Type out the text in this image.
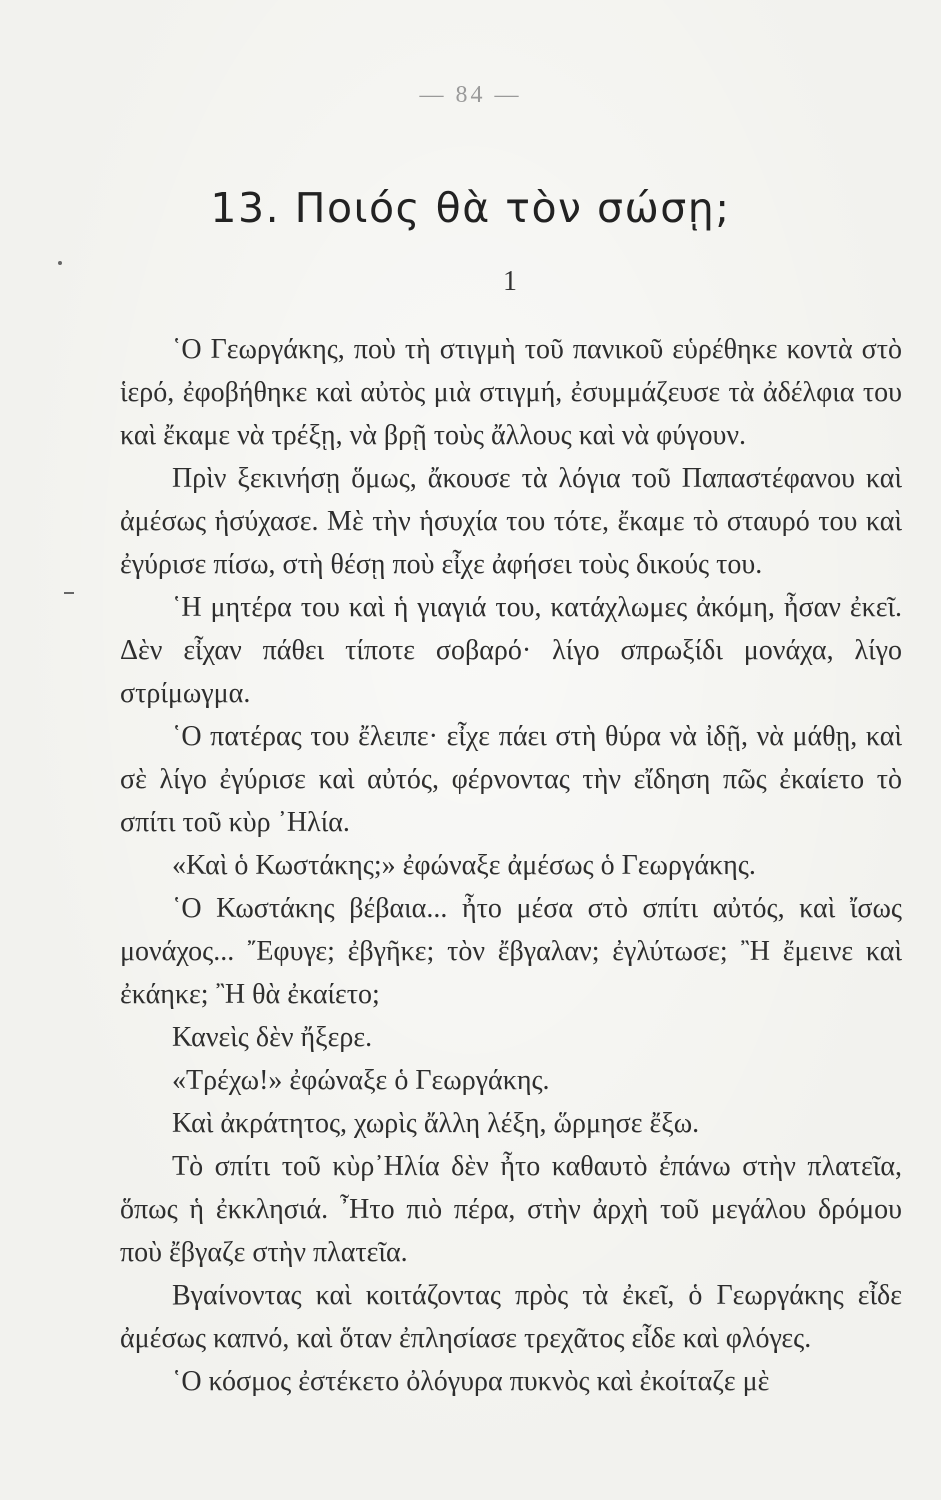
— 84 —
13. Ποιός θὰ τὸν σώσῃ;
1

῾Ο Γεωργάκης, ποὺ τὴ στιγμὴ τοῦ πανικοῦ εὑρέθηκε κοντὰ στὸ ἱερό, ἐφοβήθηκε καὶ αὐτὸς μιὰ στιγμή, ἐσυμμάζευσε τὰ ἀδέλφια του καὶ ἔκαμε νὰ τρέξῃ, νὰ βρῇ τοὺς ἄλλους καὶ νὰ φύγουν.

Πρὶν ξεκινήσῃ ὅμως, ἄκουσε τὰ λόγια τοῦ Παπαστέφανου καὶ ἀμέσως ἡσύχασε. Μὲ τὴν ἡσυχία του τότε, ἔκαμε τὸ σταυρό του καὶ ἐγύρισε πίσω, στὴ θέσῃ ποὺ εἶχε ἀφήσει τοὺς δικούς του.

῾Η μητέρα του καὶ ἡ γιαγιά του, κατάχλωμες ἀκόμη, ἦσαν ἐκεῖ. Δὲν εἶχαν πάθει τίποτε σοβαρό· λίγο σπρωξίδι μονάχα, λίγο στρίμωγμα.

῾Ο πατέρας του ἔλειπε· εἶχε πάει στὴ θύρα νὰ ἰδῇ, νὰ μάθῃ, καὶ σὲ λίγο ἐγύρισε καὶ αὐτός, φέρνοντας τὴν εἴδηση πῶς ἐκαίετο τὸ σπίτι τοῦ κὺρ ᾿Ηλία.

«Καὶ ὁ Κωστάκης;» ἐφώναξε ἀμέσως ὁ Γεωργάκης.

῾Ο Κωστάκης βέβαια... ἦτο μέσα στὸ σπίτι αὐτός, καὶ ἴσως μονάχος... ῎Εφυγε; ἐβγῆκε; τὸν ἔβγαλαν; ἐγλύτωσε; ῍Η ἔμεινε καὶ ἐκάηκε; ῍Η θὰ ἐκαίετο;

Κανεὶς δὲν ἤξερε.

«Τρέχω!» ἐφώναξε ὁ Γεωργάκης.

Καὶ ἀκράτητος, χωρὶς ἄλλη λέξη, ὥρμησε ἔξω.

Τὸ σπίτι τοῦ κὺρ᾿Ηλία δὲν ἦτο καθαυτὸ ἐπάνω στὴν πλατεῖα, ὅπως ἡ ἐκκλησιά. ῏Ητο πιὸ πέρα, στὴν ἀρχὴ τοῦ μεγάλου δρόμου ποὺ ἔβγαζε στὴν πλατεῖα.

Βγαίνοντας καὶ κοιτάζοντας πρὸς τὰ ἐκεῖ, ὁ Γεωργάκης εἶδε ἀμέσως καπνό, καὶ ὅταν ἐπλησίασε τρεχᾶτος εἶδε καὶ φλόγες.

῾Ο κόσμος ἐστέκετο ὀλόγυρα πυκνὸς καὶ ἐκοίταζε μὲ
